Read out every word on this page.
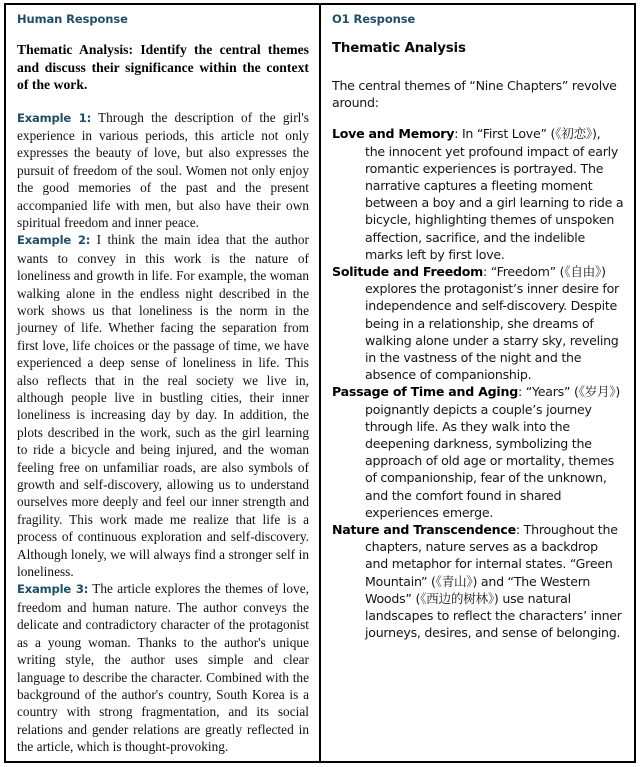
Human Response

Thematic Analysis: Identify the central themes and discuss their significance within the context of the work.

Example 1: Through the description of the girl's experience in various periods, this article not only expresses the beauty of love, but also expresses the pursuit of freedom of the soul. Women not only enjoy the good memories of the past and the present accompanied life with men, but also have their own spiritual freedom and inner peace.

Example 2: I think the main idea that the author wants to convey in this work is the nature of loneliness and growth in life. For example, the woman walking alone in the endless night described in the work shows us that loneliness is the norm in the journey of life. Whether facing the separation from first love, life choices or the passage of time, we have experienced a deep sense of loneliness in life. This also reflects that in the real society we live in, although people live in bustling cities, their inner loneliness is increasing day by day. In addition, the plots described in the work, such as the girl learning to ride a bicycle and being injured, and the woman feeling free on unfamiliar roads, are also symbols of growth and self-discovery, allowing us to understand ourselves more deeply and feel our inner strength and fragility. This work made me realize that life is a process of continuous exploration and self-discovery. Although lonely, we will always find a stronger self in loneliness.

Example 3: The article explores the themes of love, freedom and human nature. The author conveys the delicate and contradictory character of the protagonist as a young woman. Thanks to the author's unique writing style, the author uses simple and clear language to describe the character. Combined with the background of the author's country, South Korea is a country with strong fragmentation, and its social relations and gender relations are greatly reflected in the article, which is thought-provoking.

O1 Response
Thematic Analysis
The central themes of “Nine Chapters” revolve around:

Love and Memory: In “First Love” (《初恋》), the innocent yet profound impact of early romantic experiences is portrayed. The narrative captures a fleeting moment between a boy and a girl learning to ride a bicycle, highlighting themes of unspoken affection, sacrifice, and the indelible marks left by first love.

Solitude and Freedom: “Freedom” (《自由》) explores the protagonist’s inner desire for independence and self-discovery. Despite being in a relationship, she dreams of walking alone under a starry sky, reveling in the vastness of the night and the absence of companionship.

Passage of Time and Aging: “Years” (《岁月》) poignantly depicts a couple’s journey through life. As they walk into the deepening darkness, symbolizing the approach of old age or mortality, themes of companionship, fear of the unknown, and the comfort found in shared experiences emerge.

Nature and Transcendence: Throughout the chapters, nature serves as a backdrop and metaphor for internal states. “Green Mountain” (《青山》) and “The Western Woods” (《西边的树林》) use natural landscapes to reflect the characters’ inner journeys, desires, and sense of belonging.
